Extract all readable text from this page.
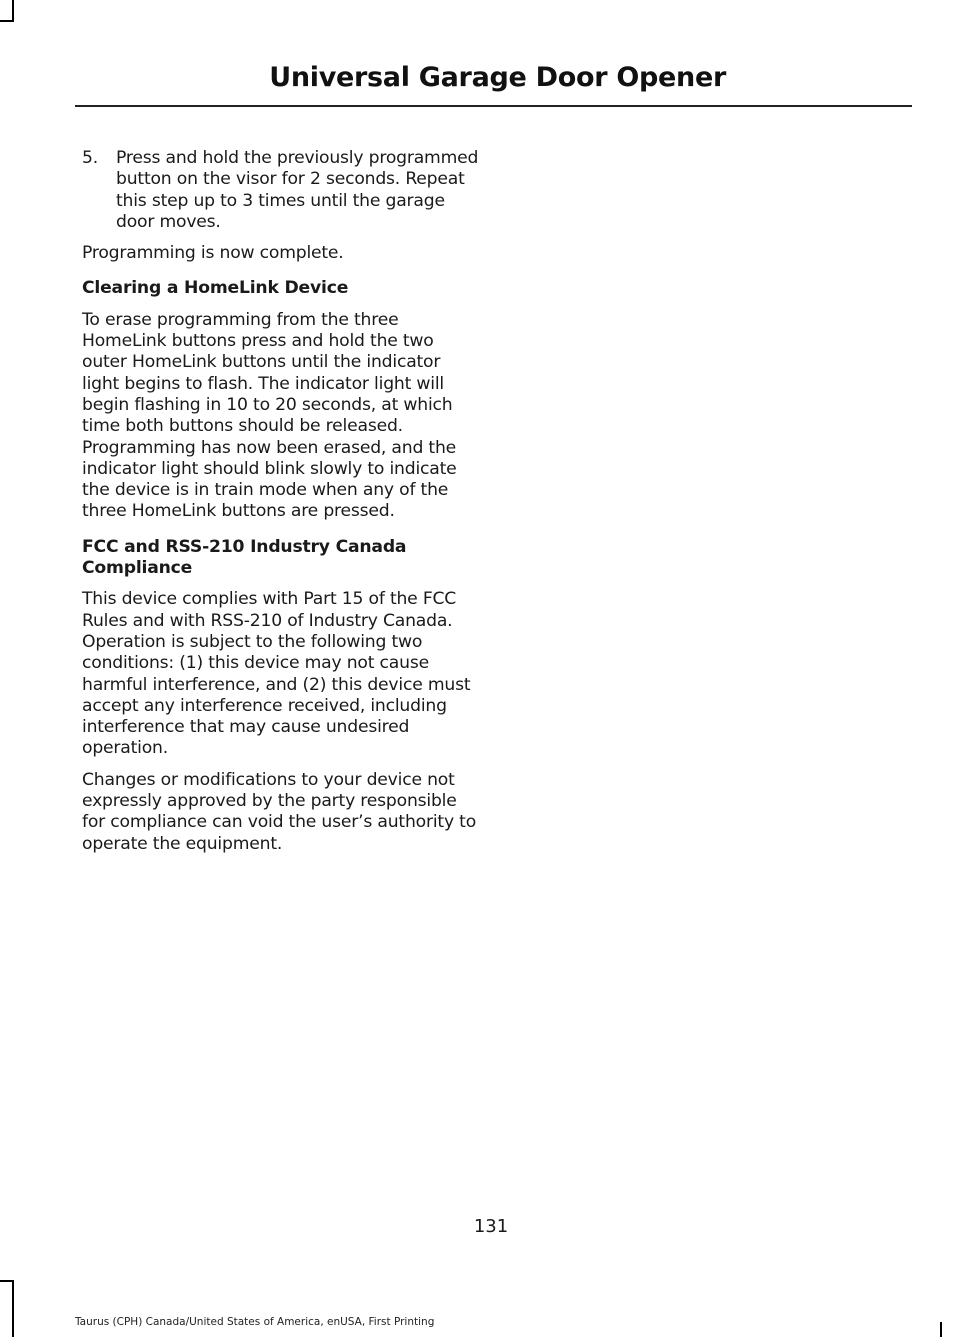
Universal Garage Door Opener
5.	Press and hold the previously programmed button on the visor for 2 seconds. Repeat this step up to 3 times until the garage door moves.

Programming is now complete.

Clearing a HomeLink Device

To erase programming from the three HomeLink buttons press and hold the two outer HomeLink buttons until the indicator light begins to flash. The indicator light will begin flashing in 10 to 20 seconds, at which time both buttons should be released. Programming has now been erased, and the indicator light should blink slowly to indicate the device is in train mode when any of the three HomeLink buttons are pressed.

FCC and RSS-210 Industry Canada Compliance

This device complies with Part 15 of the FCC Rules and with RSS-210 of Industry Canada. Operation is subject to the following two conditions: (1) this device may not cause harmful interference, and (2) this device must accept any interference received, including interference that may cause undesired operation.

Changes or modifications to your device not expressly approved by the party responsible for compliance can void the user’s authority to operate the equipment.

131
Taurus (CPH) Canada/United States of America, enUSA, First Printing
